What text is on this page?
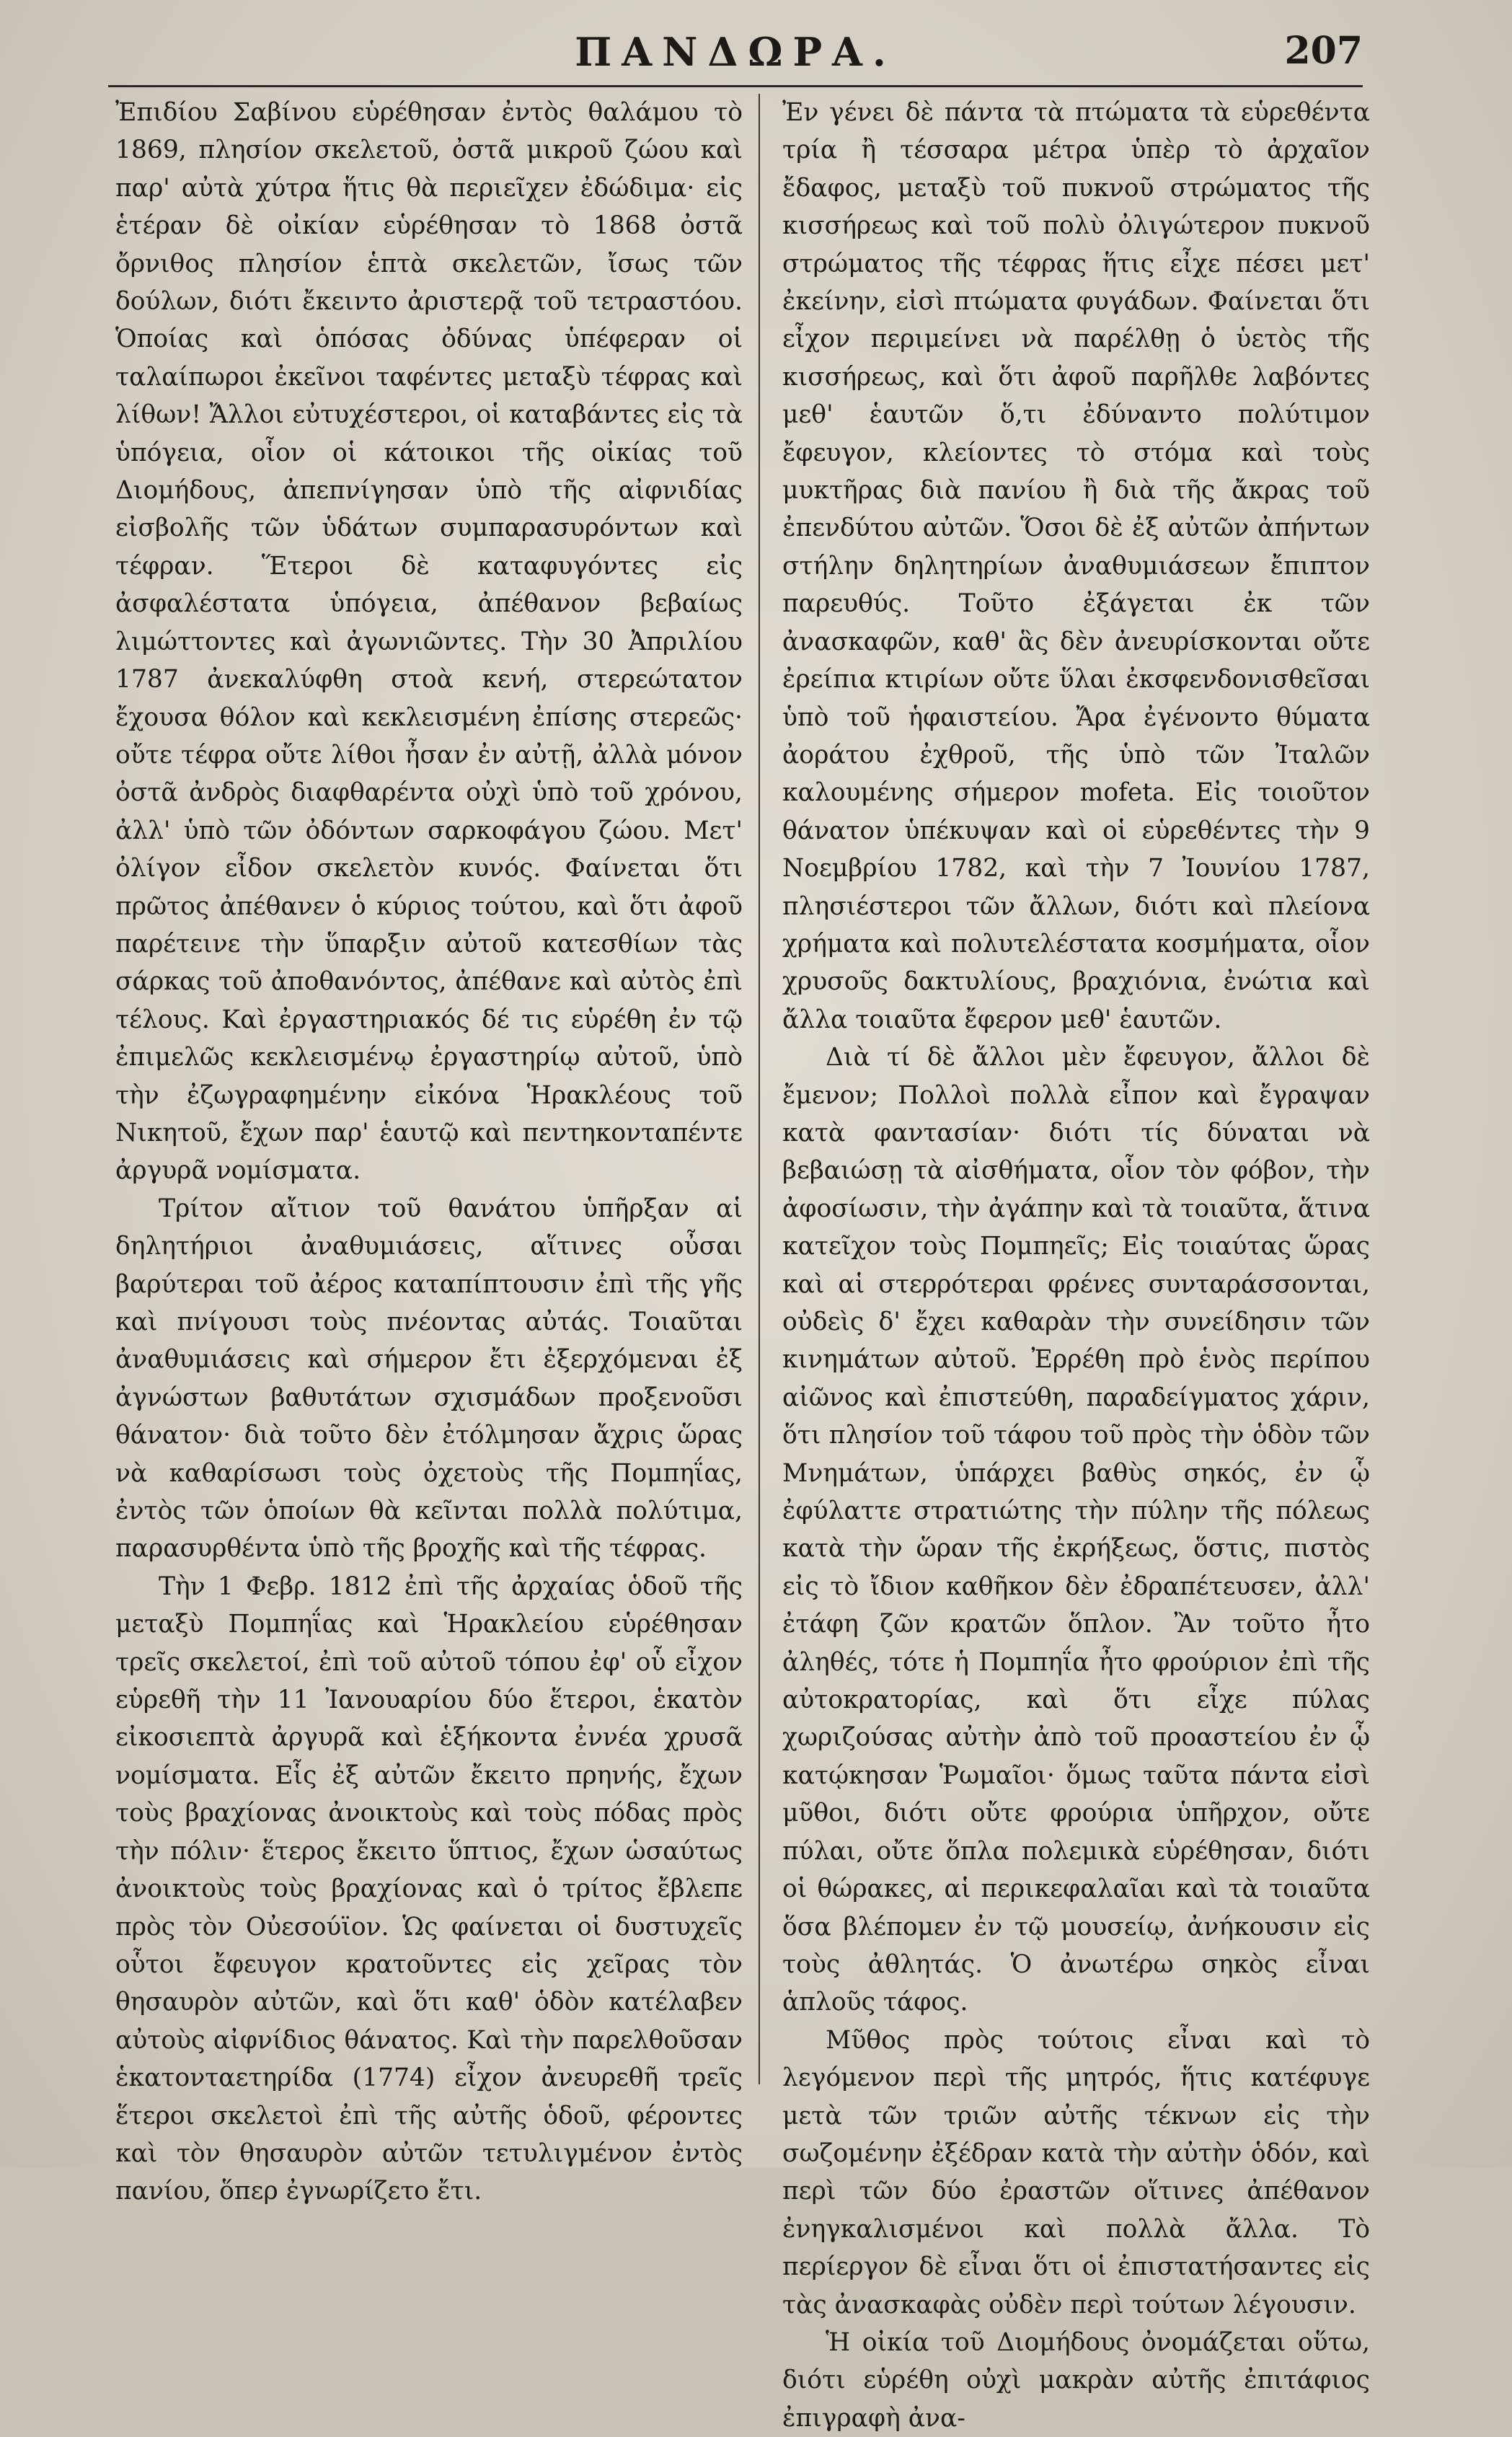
ΠΑΝΔΩΡΑ.	207

Ἐπιδίου Σαβίνου εὑρέθησαν ἐντὸς θαλάμου τὸ 1869, πλησίον σκελετοῦ, ὀστᾶ μικροῦ ζώου καὶ παρ' αὐτὰ χύτρα ἥτις θὰ περιεῖχεν ἐδώδιμα· εἰς ἑτέραν δὲ οἰκίαν εὑρέθησαν τὸ 1868 ὀστᾶ ὄρνιθος πλησίον ἑπτὰ σκελετῶν, ἴσως τῶν δούλων, διότι ἔκειντο ἀριστερᾷ τοῦ τετραστόου. Ὁποίας καὶ ὁπόσας ὀδύνας ὑπέφεραν οἱ ταλαίπωροι ἐκεῖνοι ταφέντες μεταξὺ τέφρας καὶ λίθων! Ἄλλοι εὐτυχέστεροι, οἱ καταβάντες εἰς τὰ ὑπόγεια, οἷον οἱ κάτοικοι τῆς οἰκίας τοῦ Διομήδους, ἀπεπνίγησαν ὑπὸ τῆς αἰφνιδίας εἰσβολῆς τῶν ὑδάτων συμπαρασυρόντων καὶ τέφραν. Ἕτεροι δὲ καταφυγόντες εἰς ἀσφαλέστατα ὑπόγεια, ἀπέθανον βεβαίως λιμώττοντες καὶ ἀγωνιῶντες. Τὴν 30 Ἀπριλίου 1787 ἀνεκαλύφθη στοὰ κενή, στερεώτατον ἔχουσα θόλον καὶ κεκλεισμένη ἐπίσης στερεῶς· οὔτε τέφρα οὔτε λίθοι ἦσαν ἐν αὐτῇ, ἀλλὰ μόνον ὀστᾶ ἀνδρὸς διαφθαρέντα οὐχὶ ὑπὸ τοῦ χρόνου, ἀλλ' ὑπὸ τῶν ὀδόντων σαρκοφάγου ζώου. Μετ' ὀλίγον εἶδον σκελετὸν κυνός. Φαίνεται ὅτι πρῶτος ἀπέθανεν ὁ κύριος τούτου, καὶ ὅτι ἀφοῦ παρέτεινε τὴν ὕπαρξιν αὐτοῦ κατεσθίων τὰς σάρκας τοῦ ἀποθανόντος, ἀπέθανε καὶ αὐτὸς ἐπὶ τέλους. Καὶ ἐργαστηριακός δέ τις εὑρέθη ἐν τῷ ἐπιμελῶς κεκλεισμένῳ ἐργαστηρίῳ αὐτοῦ, ὑπὸ τὴν ἐζωγραφημένην εἰκόνα Ἡρακλέους τοῦ Νικητοῦ, ἔχων παρ' ἑαυτῷ καὶ πεντηκονταπέντε ἀργυρᾶ νομίσματα.

Τρίτον αἴτιον τοῦ θανάτου ὑπῆρξαν αἱ δηλητήριοι ἀναθυμιάσεις, αἵτινες οὖσαι βαρύτεραι τοῦ ἀέρος καταπίπτουσιν ἐπὶ τῆς γῆς καὶ πνίγουσι τοὺς πνέοντας αὐτάς. Τοιαῦται ἀναθυμιάσεις καὶ σήμερον ἔτι ἐξερχόμεναι ἐξ ἀγνώστων βαθυτάτων σχισμάδων προξενοῦσι θάνατον· διὰ τοῦτο δὲν ἐτόλμησαν ἄχρις ὥρας νὰ καθαρίσωσι τοὺς ὀχετοὺς τῆς Πομπηΐας, ἐντὸς τῶν ὁποίων θὰ κεῖνται πολλὰ πολύτιμα, παρασυρθέντα ὑπὸ τῆς βροχῆς καὶ τῆς τέφρας.

Τὴν 1 Φεβρ. 1812 ἐπὶ τῆς ἀρχαίας ὁδοῦ τῆς μεταξὺ Πομπηΐας καὶ Ἡρακλείου εὑρέθησαν τρεῖς σκελετοί, ἐπὶ τοῦ αὐτοῦ τόπου ἐφ' οὗ εἶχον εὑρεθῆ τὴν 11 Ἰανουαρίου δύο ἕτεροι, ἑκατὸν εἰκοσιεπτὰ ἀργυρᾶ καὶ ἑξήκοντα ἐννέα χρυσᾶ νομίσματα. Εἷς ἐξ αὐτῶν ἔκειτο πρηνής, ἔχων τοὺς βραχίονας ἀνοικτοὺς καὶ τοὺς πόδας πρὸς τὴν πόλιν· ἕτερος ἔκειτο ὕπτιος, ἔχων ὡσαύτως ἀνοικτοὺς τοὺς βραχίονας καὶ ὁ τρίτος ἔβλεπε πρὸς τὸν Οὐεσούϊον. Ὡς φαίνεται οἱ δυστυχεῖς οὗτοι ἔφευγον κρατοῦντες εἰς χεῖρας τὸν θησαυρὸν αὐτῶν, καὶ ὅτι καθ' ὁδὸν κατέλαβεν αὐτοὺς αἰφνίδιος θάνατος. Καὶ τὴν παρελθοῦσαν ἑκατονταετηρίδα (1774) εἶχον ἀνευρεθῆ τρεῖς ἕτεροι σκελετοὶ ἐπὶ τῆς αὐτῆς ὁδοῦ, φέροντες καὶ τὸν θησαυρὸν αὐτῶν τετυλιγμένον ἐντὸς πανίου, ὅπερ ἐγνωρίζετο ἔτι.

Ἐν γένει δὲ πάντα τὰ πτώματα τὰ εὑρεθέντα τρία ἢ τέσσαρα μέτρα ὑπὲρ τὸ ἀρχαῖον ἔδαφος, μεταξὺ τοῦ πυκνοῦ στρώματος τῆς κισσήρεως καὶ τοῦ πολὺ ὀλιγώτερον πυκνοῦ στρώματος τῆς τέφρας ἥτις εἶχε πέσει μετ' ἐκείνην, εἰσὶ πτώματα φυγάδων. Φαίνεται ὅτι εἶχον περιμείνει νὰ παρέλθῃ ὁ ὑετὸς τῆς κισσήρεως, καὶ ὅτι ἀφοῦ παρῆλθε λαβόντες μεθ' ἑαυτῶν ὅ,τι ἐδύναντο πολύτιμον ἔφευγον, κλείοντες τὸ στόμα καὶ τοὺς μυκτῆρας διὰ πανίου ἢ διὰ τῆς ἄκρας τοῦ ἐπενδύτου αὐτῶν. Ὅσοι δὲ ἐξ αὐτῶν ἀπήντων στήλην δηλητηρίων ἀναθυμιάσεων ἔπιπτον παρευθύς. Τοῦτο ἐξάγεται ἐκ τῶν ἀνασκαφῶν, καθ' ἃς δὲν ἀνευρίσκονται οὔτε ἐρείπια κτιρίων οὔτε ὕλαι ἐκσφενδονισθεῖσαι ὑπὸ τοῦ ἡφαιστείου. Ἄρα ἐγένοντο θύματα ἀοράτου ἐχθροῦ, τῆς ὑπὸ τῶν Ἰταλῶν καλουμένης σήμερον mofeta. Εἰς τοιοῦτον θάνατον ὑπέκυψαν καὶ οἱ εὑρεθέντες τὴν 9 Νοεμβρίου 1782, καὶ τὴν 7 Ἰουνίου 1787, πλησιέστεροι τῶν ἄλλων, διότι καὶ πλείονα χρήματα καὶ πολυτελέστατα κοσμήματα, οἷον χρυσοῦς δακτυλίους, βραχιόνια, ἐνώτια καὶ ἄλλα τοιαῦτα ἔφερον μεθ' ἑαυτῶν.

Διὰ τί δὲ ἄλλοι μὲν ἔφευγον, ἄλλοι δὲ ἔμενον; Πολλοὶ πολλὰ εἶπον καὶ ἔγραψαν κατὰ φαντασίαν· διότι τίς δύναται νὰ βεβαιώσῃ τὰ αἰσθήματα, οἷον τὸν φόβον, τὴν ἀφοσίωσιν, τὴν ἀγάπην καὶ τὰ τοιαῦτα, ἅτινα κατεῖχον τοὺς Πομπηεῖς; Εἰς τοιαύτας ὥρας καὶ αἱ στερρότεραι φρένες συνταράσσονται, οὐδεὶς δ' ἔχει καθαρὰν τὴν συνείδησιν τῶν κινημάτων αὐτοῦ. Ἐρρέθη πρὸ ἑνὸς περίπου αἰῶνος καὶ ἐπιστεύθη, παραδείγματος χάριν, ὅτι πλησίον τοῦ τάφου τοῦ πρὸς τὴν ὁδὸν τῶν Μνημάτων, ὑπάρχει βαθὺς σηκός, ἐν ᾧ ἐφύλαττε στρατιώτης τὴν πύλην τῆς πόλεως κατὰ τὴν ὥραν τῆς ἐκρήξεως, ὅστις, πιστὸς εἰς τὸ ἴδιον καθῆκον δὲν ἐδραπέτευσεν, ἀλλ' ἐτάφη ζῶν κρατῶν ὅπλον. Ἂν τοῦτο ἦτο ἀληθές, τότε ἡ Πομπηΐα ἦτο φρούριον ἐπὶ τῆς αὐτοκρατορίας, καὶ ὅτι εἶχε πύλας χωριζούσας αὐτὴν ἀπὸ τοῦ προαστείου ἐν ᾧ κατῴκησαν Ῥωμαῖοι· ὅμως ταῦτα πάντα εἰσὶ μῦθοι, διότι οὔτε φρούρια ὑπῆρχον, οὔτε πύλαι, οὔτε ὅπλα πολεμικὰ εὑρέθησαν, διότι οἱ θώρακες, αἱ περικεφαλαῖαι καὶ τὰ τοιαῦτα ὅσα βλέπομεν ἐν τῷ μουσείῳ, ἀνήκουσιν εἰς τοὺς ἀθλητάς. Ὁ ἀνωτέρω σηκὸς εἶναι ἁπλοῦς τάφος.

Μῦθος πρὸς τούτοις εἶναι καὶ τὸ λεγόμενον περὶ τῆς μητρός, ἥτις κατέφυγε μετὰ τῶν τριῶν αὐτῆς τέκνων εἰς τὴν σωζομένην ἐξέδραν κατὰ τὴν αὐτὴν ὁδόν, καὶ περὶ τῶν δύο ἐραστῶν οἵτινες ἀπέθανον ἐνηγκαλισμένοι καὶ πολλὰ ἄλλα. Τὸ περίεργον δὲ εἶναι ὅτι οἱ ἐπιστατήσαντες εἰς τὰς ἀνασκαφὰς οὐδὲν περὶ τούτων λέγουσιν.

Ἡ οἰκία τοῦ Διομήδους ὀνομάζεται οὕτω, διότι εὑρέθη οὐχὶ μακρὰν αὐτῆς ἐπιτάφιος ἐπιγραφὴ ἀνα-
